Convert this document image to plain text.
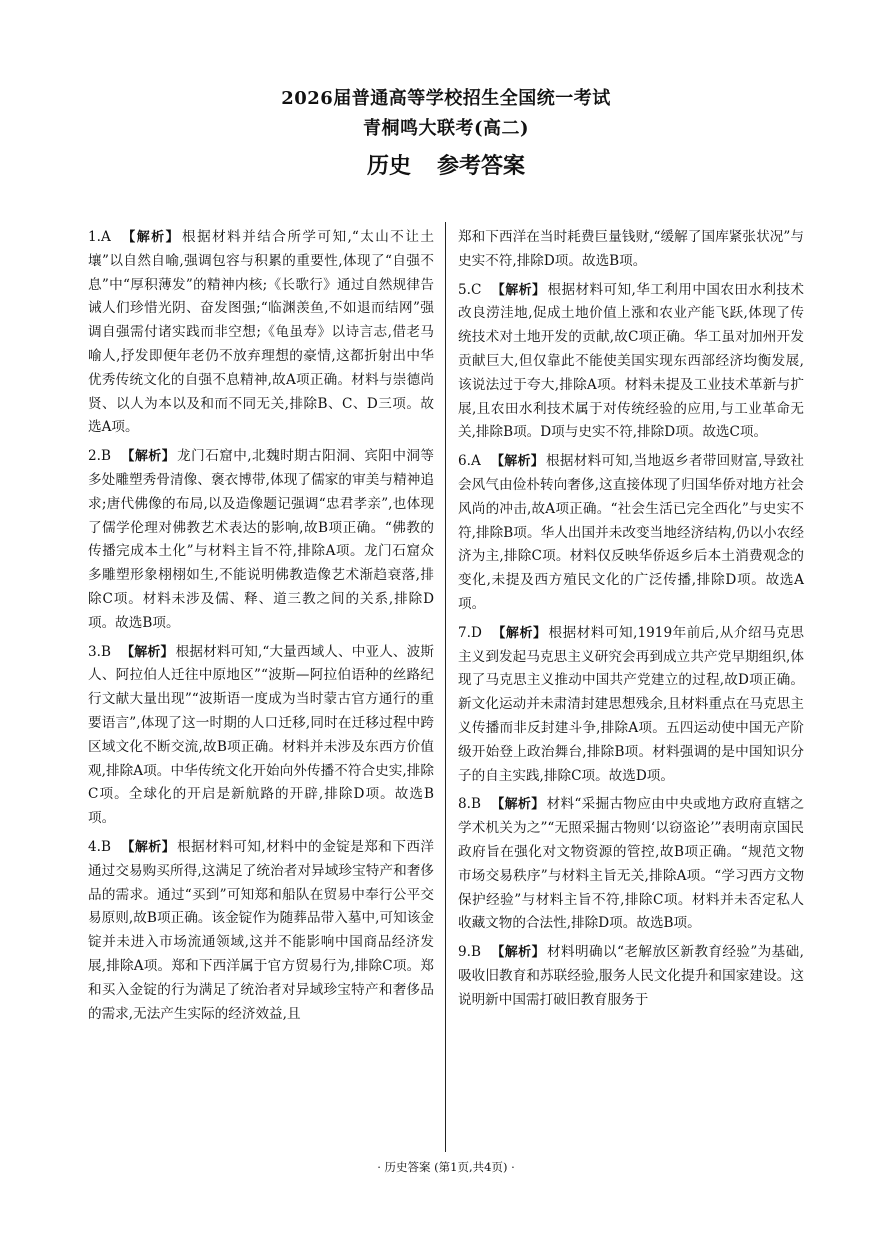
2026届普通高等学校招生全国统一考试
青桐鸣大联考(高二)
历史 参考答案

1.A 【解析】 根据材料并结合所学可知,“太山不让土壤”以自然自喻,强调包容与积累的重要性,体现了“自强不息”中“厚积薄发”的精神内核;《长歌行》通过自然规律告诫人们珍惜光阴、奋发图强;“临渊羡鱼,不如退而结网”强调自强需付诸实践而非空想;《龟虽寿》以诗言志,借老马喻人,抒发即便年老仍不放弃理想的豪情,这都折射出中华优秀传统文化的自强不息精神,故A项正确。材料与崇德尚贤、以人为本以及和而不同无关,排除B、C、D三项。故选A项。

2.B 【解析】 龙门石窟中,北魏时期古阳洞、宾阳中洞等多处雕塑秀骨清像、褒衣博带,体现了儒家的审美与精神追求;唐代佛像的布局,以及造像题记强调“忠君孝亲”,也体现了儒学伦理对佛教艺术表达的影响,故B项正确。“佛教的传播完成本土化”与材料主旨不符,排除A项。龙门石窟众多雕塑形象栩栩如生,不能说明佛教造像艺术渐趋衰落,排除C项。材料未涉及儒、释、道三教之间的关系,排除D项。故选B项。

3.B 【解析】 根据材料可知,“大量西域人、中亚人、波斯人、阿拉伯人迁往中原地区”“波斯—阿拉伯语种的丝路纪行文献大量出现”“波斯语一度成为当时蒙古官方通行的重要语言”,体现了这一时期的人口迁移,同时在迁移过程中跨区域文化不断交流,故B项正确。材料并未涉及东西方价值观,排除A项。中华传统文化开始向外传播不符合史实,排除C项。全球化的开启是新航路的开辟,排除D项。故选B项。

4.B 【解析】 根据材料可知,材料中的金锭是郑和下西洋通过交易购买所得,这满足了统治者对异域珍宝特产和奢侈品的需求。通过“买到”可知郑和船队在贸易中奉行公平交易原则,故B项正确。该金锭作为随葬品带入墓中,可知该金锭并未进入市场流通领域,这并不能影响中国商品经济发展,排除A项。郑和下西洋属于官方贸易行为,排除C项。郑和买入金锭的行为满足了统治者对异域珍宝特产和奢侈品的需求,无法产生实际的经济效益,且

郑和下西洋在当时耗费巨量钱财,“缓解了国库紧张状况”与史实不符,排除D项。故选B项。

5.C 【解析】 根据材料可知,华工利用中国农田水利技术改良涝洼地,促成土地价值上涨和农业产能飞跃,体现了传统技术对土地开发的贡献,故C项正确。华工虽对加州开发贡献巨大,但仅靠此不能使美国实现东西部经济均衡发展,该说法过于夸大,排除A项。材料未提及工业技术革新与扩展,且农田水利技术属于对传统经验的应用,与工业革命无关,排除B项。D项与史实不符,排除D项。故选C项。

6.A 【解析】 根据材料可知,当地返乡者带回财富,导致社会风气由俭朴转向奢侈,这直接体现了归国华侨对地方社会风尚的冲击,故A项正确。“社会生活已完全西化”与史实不符,排除B项。华人出国并未改变当地经济结构,仍以小农经济为主,排除C项。材料仅反映华侨返乡后本土消费观念的变化,未提及西方殖民文化的广泛传播,排除D项。故选A项。

7.D 【解析】 根据材料可知,1919年前后,从介绍马克思主义到发起马克思主义研究会再到成立共产党早期组织,体现了马克思主义推动中国共产党建立的过程,故D项正确。新文化运动并未肃清封建思想残余,且材料重点在马克思主义传播而非反封建斗争,排除A项。五四运动使中国无产阶级开始登上政治舞台,排除B项。材料强调的是中国知识分子的自主实践,排除C项。故选D项。

8.B 【解析】 材料“采掘古物应由中央或地方政府直辖之学术机关为之”“无照采掘古物则‘以窃盗论’”表明南京国民政府旨在强化对文物资源的管控,故B项正确。“规范文物市场交易秩序”与材料主旨无关,排除A项。“学习西方文物保护经验”与材料主旨不符,排除C项。材料并未否定私人收藏文物的合法性,排除D项。故选B项。

9.B 【解析】 材料明确以“老解放区新教育经验”为基础,吸收旧教育和苏联经验,服务人民文化提升和国家建设。这说明新中国需打破旧教育服务于

· 历史答案 (第1页,共4页) ·
